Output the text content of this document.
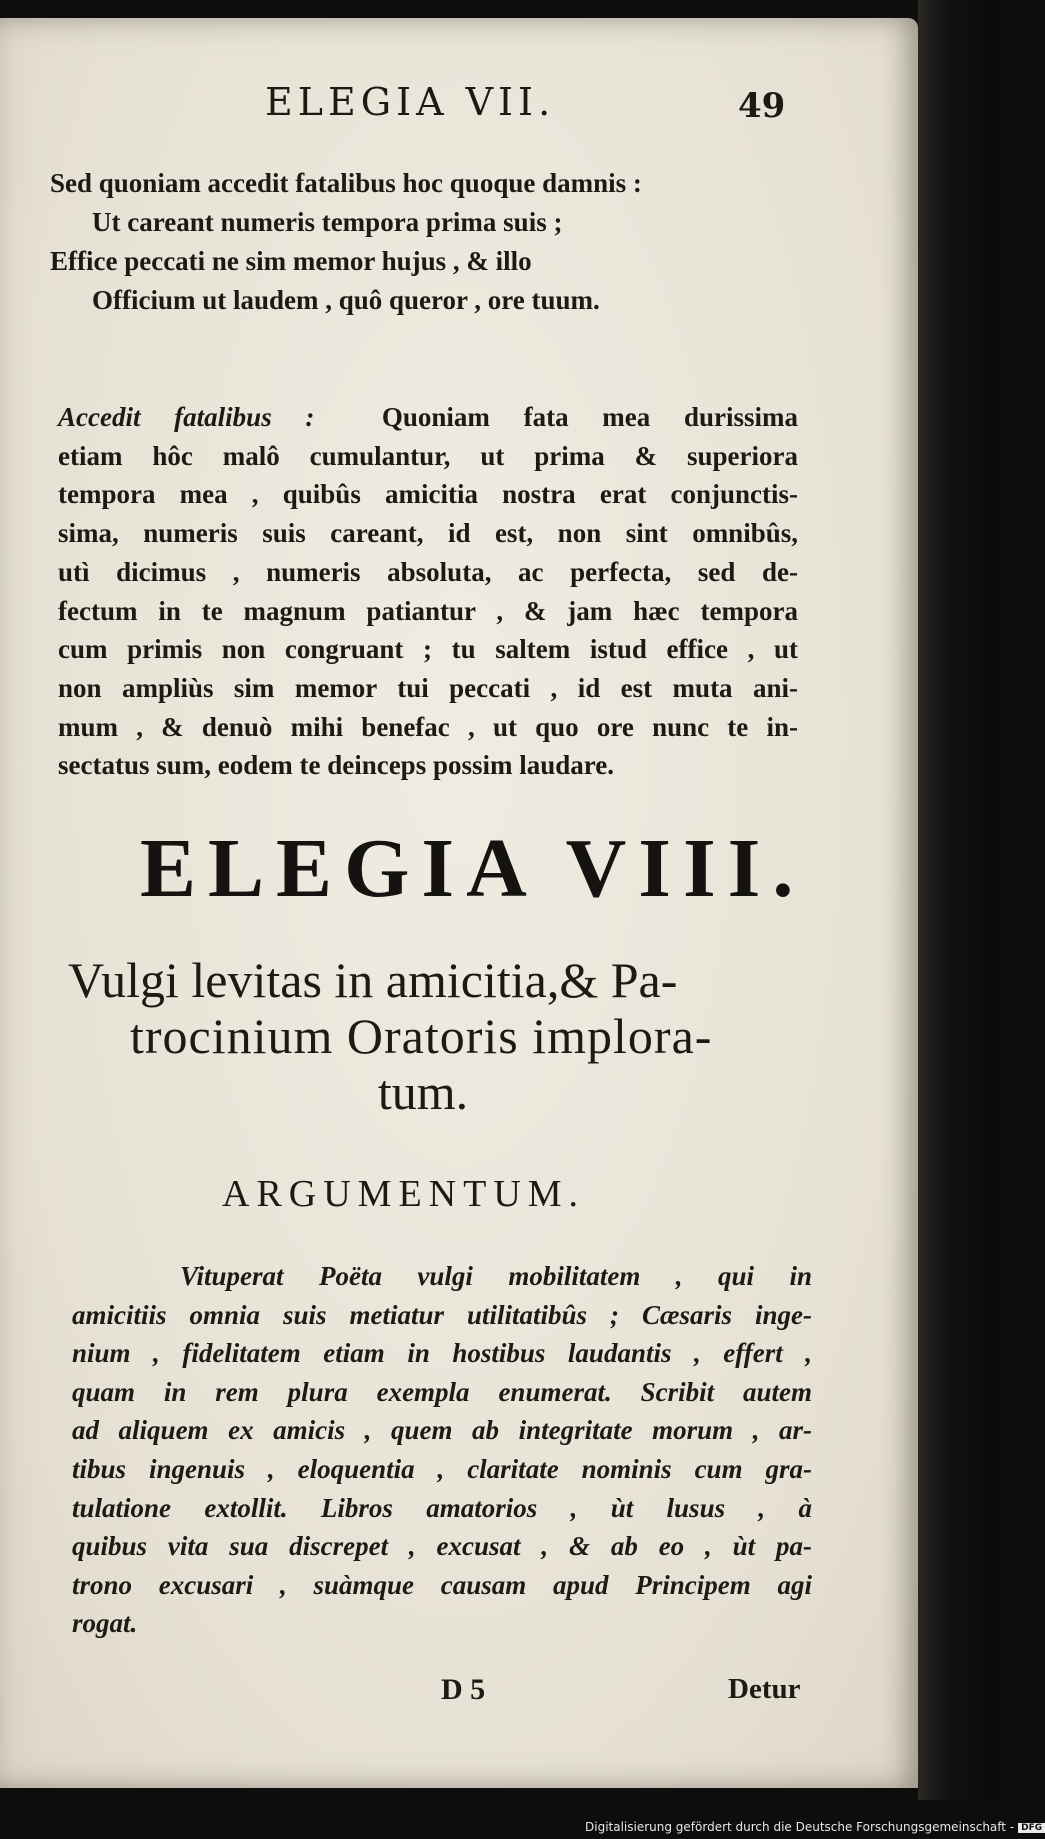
ELEGIA VII.	49
Sed quoniam accedit fatalibus hoc quoque damnis :
Ut careant numeris tempora prima suis ;
Effice peccati ne sim memor hujus , & illo
Officium ut laudem , quô queror , ore tuum.
Accedit fatalibus : Quoniam fata mea durissima
etiam hôc malô cumulantur, ut prima & superiora
tempora mea , quibûs amicitia nostra erat conjunctis-
sima, numeris suis careant, id est, non sint omnibûs,
utì dicimus , numeris absoluta, ac perfecta, sed de-
fectum in te magnum patiantur , & jam hæc tempora
cum primis non congruant ; tu saltem istud effice , ut
non ampliùs sim memor tui peccati , id est muta ani-
mum , & denuò mihi benefac , ut quo ore nunc te in-
sectatus sum, eodem te deinceps possim laudare.
ELEGIA VIII.
Vulgi levitas in amicitia,& Pa-
trocinium Oratoris implora-
tum.
ARGUMENTUM.
Vituperat Poëta vulgi mobilitatem , qui in
amicitiis omnia suis metiatur utilitatibûs ; Cæsaris inge-
nium , fidelitatem etiam in hostibus laudantis , effert ,
quam in rem plura exempla enumerat. Scribit autem
ad aliquem ex amicis , quem ab integritate morum , ar-
tibus ingenuis , eloquentia , claritate nominis cum gra-
tulatione extollit. Libros amatorios , ùt lusus , à
quibus vita sua discrepet , excusat , & ab eo , ùt pa-
trono excusari , suàmque causam apud Principem agi
rogat.
D 5	Detur
Digitalisierung gefördert durch die Deutsche Forschungsgemeinschaft - DFG
